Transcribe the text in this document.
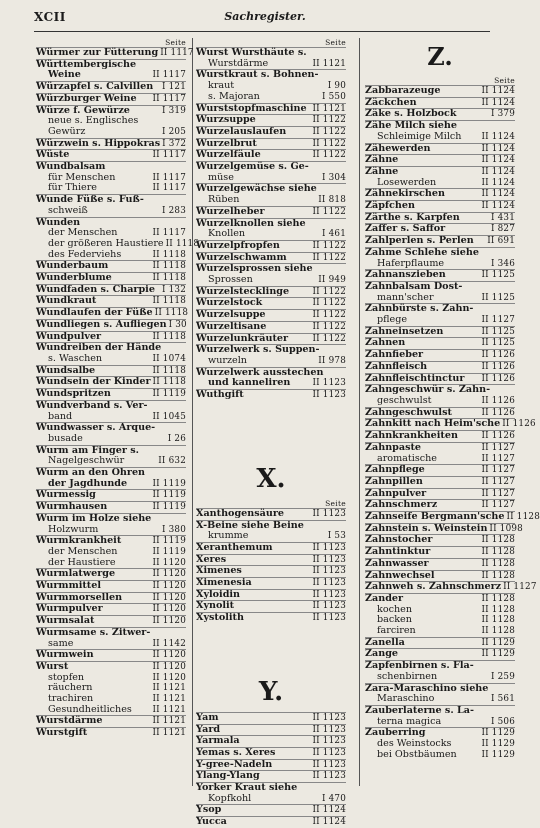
XCII	Sachregister.
Seite
Würmer zur Fütterung II 1117
Württembergische
Weine	II 1117
Würzapfel s. Calvillen I 121
Würzburger Weine II 1117
Würze f. Gewürze	I 319
neue s. Englisches
Gewürz	I 205
Würzwein s. Hippokras I 372
Wüste	II 1117
Wundbalsam
für Menschen	II 1117
für Thiere	II 1117
Wunde Füße s. Fuß-
schweiß	I 283
Wunden
der Menschen	II 1117
der größeren Haustiere II 1118
des Federviehs	II 1118
Wunderbaum	II 1118
Wunderblume	II 1118
Wundfaden s. Charpie I 132
Wundkraut	II 1118
Wundlaufen der Füße II 1118
Wundliegen s. Aufliegen I 30
Wundpulver	II 1118
Wundreiben der Hände
s. Waschen	II 1074
Wundsalbe	II 1118
Wundsein der Kinder II 1118
Wundspritzen	II 1119
Wundverband s. Ver-
band	II 1045
Wundwasser s. Arque-
busade	I 26
Wurm am Finger s.
Nagelgeschwür	II 632
Wurm an den Ohren
der Jagdhunde	II 1119
Wurmessig	II 1119
Wurmhausen	II 1119
Wurm im Holze siehe
Holzwurm	I 380
Wurmkrankheit	II 1119
der Menschen	II 1119
der Haustiere	II 1120
Wurmlatwerge	II 1120
Wurmmittel	II 1120
Wurmmorsellen	II 1120
Wurmpulver	II 1120
Wurmsalat	II 1120
Wurmsame s. Zitwer-
same	II 1142
Wurmwein	II 1120
Wurst	II 1120
stopfen	II 1120
räuchern	II 1121
trachiren	II 1121
Gesundheitliches II 1121
Wurstdärme	II 1121
Wurstgift	II 1121
Seite
Wurst Wursthäute s.
Wurstdärme	II 1121
Wurstkraut s. Bohnen-
kraut	I 90
s. Majoran	I 550
Wurststopfmaschine II 1121
Wurzsuppe	II 1122
Wurzelauslaufen	II 1122
Wurzelbrut	II 1122
Wurzelfäule	II 1122
Wurzelgemüse s. Ge-
müse	I 304
Wurzelgewächse siehe
Rüben	II 818
Wurzelheber	II 1122
Wurzelknollen siehe
Knollen	I 461
Wurzelpfropfen	II 1122
Wurzelschwamm	II 1122
Wurzelsprossen siehe
Sprossen	II 949
Wurzelstecklinge	II 1122
Wurzelstock	II 1122
Wurzelsuppe	II 1122
Wurzeltisane	II 1122
Wurzelunkräuter	II 1122
Wurzelwerk s. Suppen-
wurzeln	II 978
Wurzelwerk ausstechen
und kanneliren	II 1123
Wuthgift	II 1123
X.
Seite
Xanthogensäure	II 1123
X-Beine siehe Beine
krumme	I 53
Xeranthemum	II 1123
Xeres	II 1123
Ximenes	II 1123
Ximenesia	II 1123
Xyloidin	II 1123
Xynolit	II 1123
Xystolith	II 1123
Y.
Yam	II 1123
Yard	II 1123
Yarmala	II 1123
Yemas s. Xeres	II 1123
Y-gree-Nadeln	II 1123
Ylang-Ylang	II 1123
Yorker Kraut siehe
Kopfkohl	I 470
Ysop	II 1124
Yucca	II 1124
Z.
Seite
Zabbarazeuge	II 1124
Zäckchen	II 1124
Zäke s. Holzbock	I 379
Zähe Milch siehe
Schleimige Milch II 1124
Zähewerden	II 1124
Zähne	II 1124
Zähne	II 1124
Losewerden	II 1124
Zähnekirschen	II 1124
Zäpfchen	II 1124
Zärthe s. Karpfen	I 431
Zaffer s. Saffor	I 827
Zahlperlen s. Perlen II 691
Zahme Schlehe siehe
Haferpflaume	I 346
Zahnanszieben	II 1125
Zahnbalsam Dost-
mann'scher	II 1125
Zahnbürste s. Zahn-
pflege	II 1127
Zahneinsetzen	II 1125
Zahnen	II 1125
Zahnfieber	II 1126
Zahnfleisch	II 1126
Zahnfleischtinctur II 1126
Zahngeschwür s. Zahn-
geschwulst	II 1126
Zahngeschwulst	II 1126
Zahnkitt nach Heim'sche II 1126
Zahnkrankheiten	II 1126
Zahnpaste	II 1127
aromatische	II 1127
Zahnpflege	II 1127
Zahnpillen	II 1127
Zahnpulver	II 1127
Zahnschmerz	II 1127
Zahnseife Bergmann'sche II 1128
Zahnstein s. Weinstein II 1098
Zahnstocher	II 1128
Zahntinktur	II 1128
Zahnwasser	II 1128
Zahnwechsel	II 1128
Zahnweh s. Zahnschmerz II 1127
Zander	II 1128
kochen	II 1128
backen	II 1128
farciren	II 1128
Zanella	II 1129
Zange	II 1129
Zapfenbirnen s. Fla-
schenbirnen	I 259
Zara-Maraschino siehe
Maraschino	I 561
Zauberlaterne s. La-
terna magica	I 506
Zauberring	II 1129
des Weinstocks	II 1129
bei Obstbäumen	II 1129
